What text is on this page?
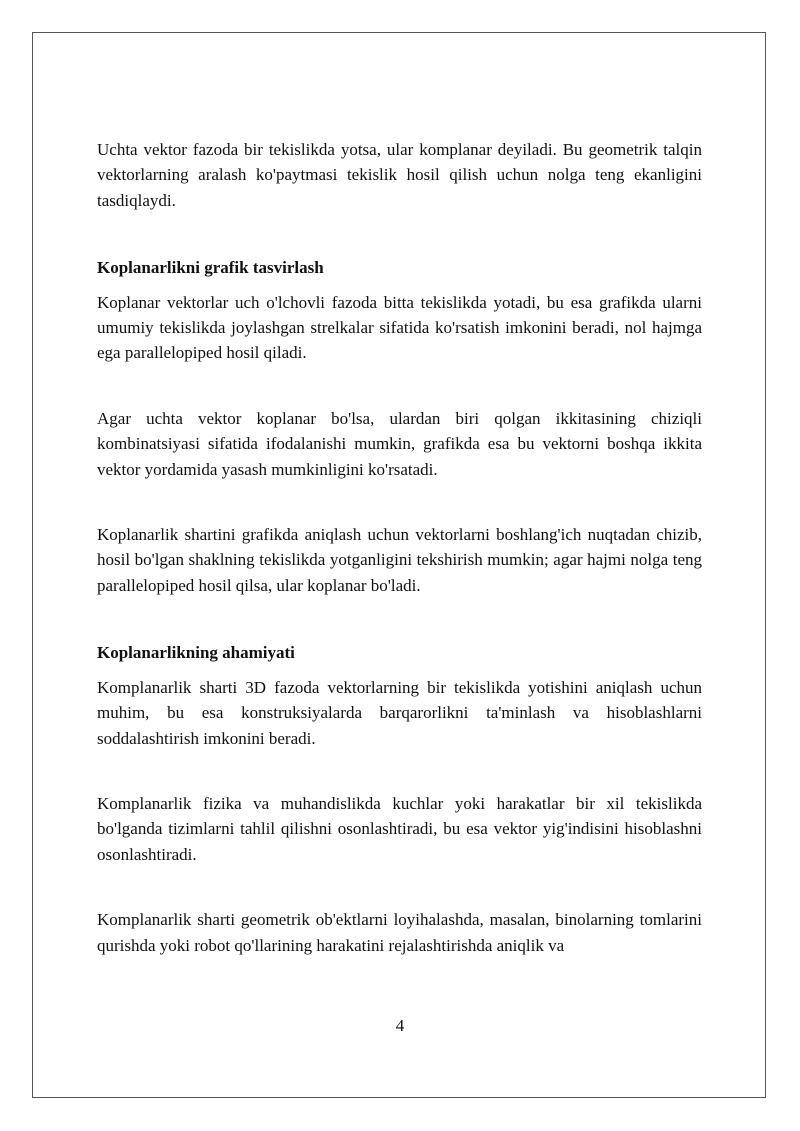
Uchta vektor fazoda bir tekislikda yotsa, ular komplanar deyiladi. Bu geometrik talqin vektorlarning aralash ko'paytmasi tekislik hosil qilish uchun nolga teng ekanligini tasdiqlaydi.

Koplanarlikni grafik tasvirlash

Koplanar vektorlar uch o'lchovli fazoda bitta tekislikda yotadi, bu esa grafikda ularni umumiy tekislikda joylashgan strelkalar sifatida ko'rsatish imkonini beradi, nol hajmga ega parallelopiped hosil qiladi.

Agar uchta vektor koplanar bo'lsa, ulardan biri qolgan ikkitasining chiziqli kombinatsiyasi sifatida ifodalanishi mumkin, grafikda esa bu vektorni boshqa ikkita vektor yordamida yasash mumkinligini ko'rsatadi.

Koplanarlik shartini grafikda aniqlash uchun vektorlarni boshlang'ich nuqtadan chizib, hosil bo'lgan shaklning tekislikda yotganligini tekshirish mumkin; agar hajmi nolga teng parallelopiped hosil qilsa, ular koplanar bo'ladi.

Koplanarlikning ahamiyati

Komplanarlik sharti 3D fazoda vektorlarning bir tekislikda yotishini aniqlash uchun muhim, bu esa konstruksiyalarda barqarorlikni ta'minlash va hisoblashlarni soddalashtirish imkonini beradi.

Komplanarlik fizika va muhandislikda kuchlar yoki harakatlar bir xil tekislikda bo'lganda tizimlarni tahlil qilishni osonlashtiradi, bu esa vektor yig'indisini hisoblashni osonlashtiradi.

Komplanarlik sharti geometrik ob'ektlarni loyihalashda, masalan, binolarning tomlarini qurishda yoki robot qo'llarining harakatini rejalashtirishda aniqlik va

4
